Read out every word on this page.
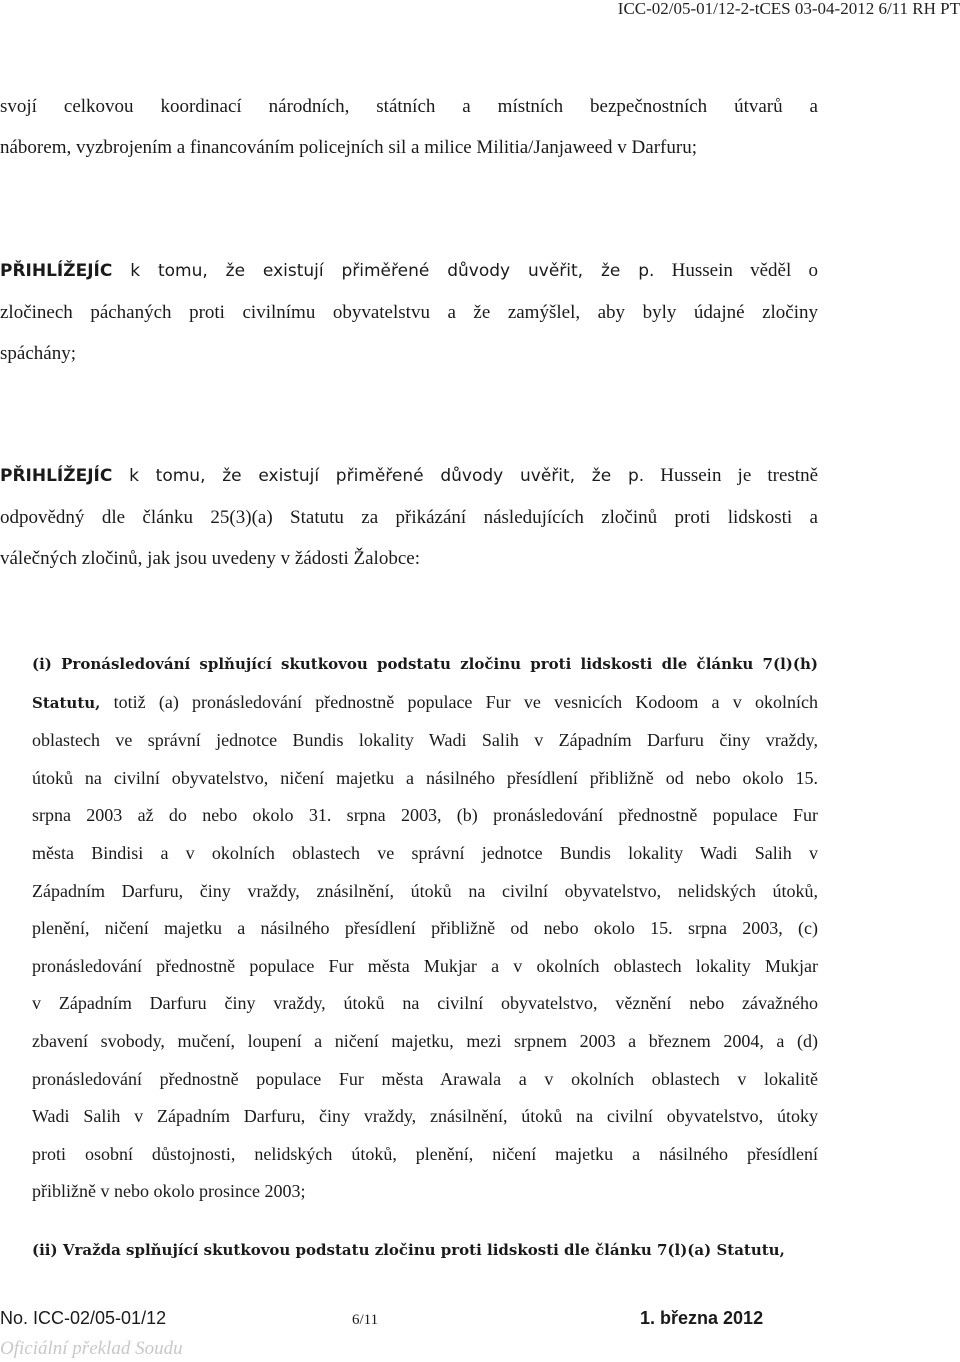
ICC-02/05-01/12-2-tCES 03-04-2012 6/11 RH PT

svojí celkovou koordinací národních, státních a místních bezpečnostních útvarů a
náborem, vyzbrojením a financováním policejních sil a milice Militia/Janjaweed v Darfuru;

PŘIHLÍŽEJÍC k tomu, že existují přiměřené důvody uvěřit, že p. Hussein věděl o
zločinech páchaných proti civilnímu obyvatelstvu a že zamýšlel, aby byly údajné zločiny
spáchány;

PŘIHLÍŽEJÍC k tomu, že existují přiměřené důvody uvěřit, že p. Hussein je trestně
odpovědný dle článku 25(3)(a) Statutu za přikázání následujících zločinů proti lidskosti a
válečných zločinů, jak jsou uvedeny v žádosti Žalobce:

(i) Pronásledování splňující skutkovou podstatu zločinu proti lidskosti dle článku 7(l)(h)
Statutu, totiž (a) pronásledování přednostně populace Fur ve vesnicích Kodoom a v okolních
oblastech ve správní jednotce Bundis lokality Wadi Salih v Západním Darfuru činy vraždy,
útoků na civilní obyvatelstvo, ničení majetku a násilného přesídlení přibližně od nebo okolo 15.
srpna 2003 až do nebo okolo 31. srpna 2003, (b) pronásledování přednostně populace Fur
města Bindisi a v okolních oblastech ve správní jednotce Bundis lokality Wadi Salih v
Západním Darfuru, činy vraždy, znásilnění, útoků na civilní obyvatelstvo, nelidských útoků,
plenění, ničení majetku a násilného přesídlení přibližně od nebo okolo 15. srpna 2003, (c)
pronásledování přednostně populace Fur města Mukjar a v okolních oblastech lokality Mukjar
v Západním Darfuru činy vraždy, útoků na civilní obyvatelstvo, věznění nebo závažného
zbavení svobody, mučení, loupení a ničení majetku, mezi srpnem 2003 a březnem 2004, a (d)
pronásledování přednostně populace Fur města Arawala a v okolních oblastech v lokalitě
Wadi Salih v Západním Darfuru, činy vraždy, znásilnění, útoků na civilní obyvatelstvo, útoky
proti osobní důstojnosti, nelidských útoků, plenění, ničení majetku a násilného přesídlení
přibližně v nebo okolo prosince 2003;
(ii) Vražda splňující skutkovou podstatu zločinu proti lidskosti dle článku 7(l)(a) Statutu,
No. ICC-02/05-01/12	6/11	1. března 2012
Oficiální překlad Soudu
